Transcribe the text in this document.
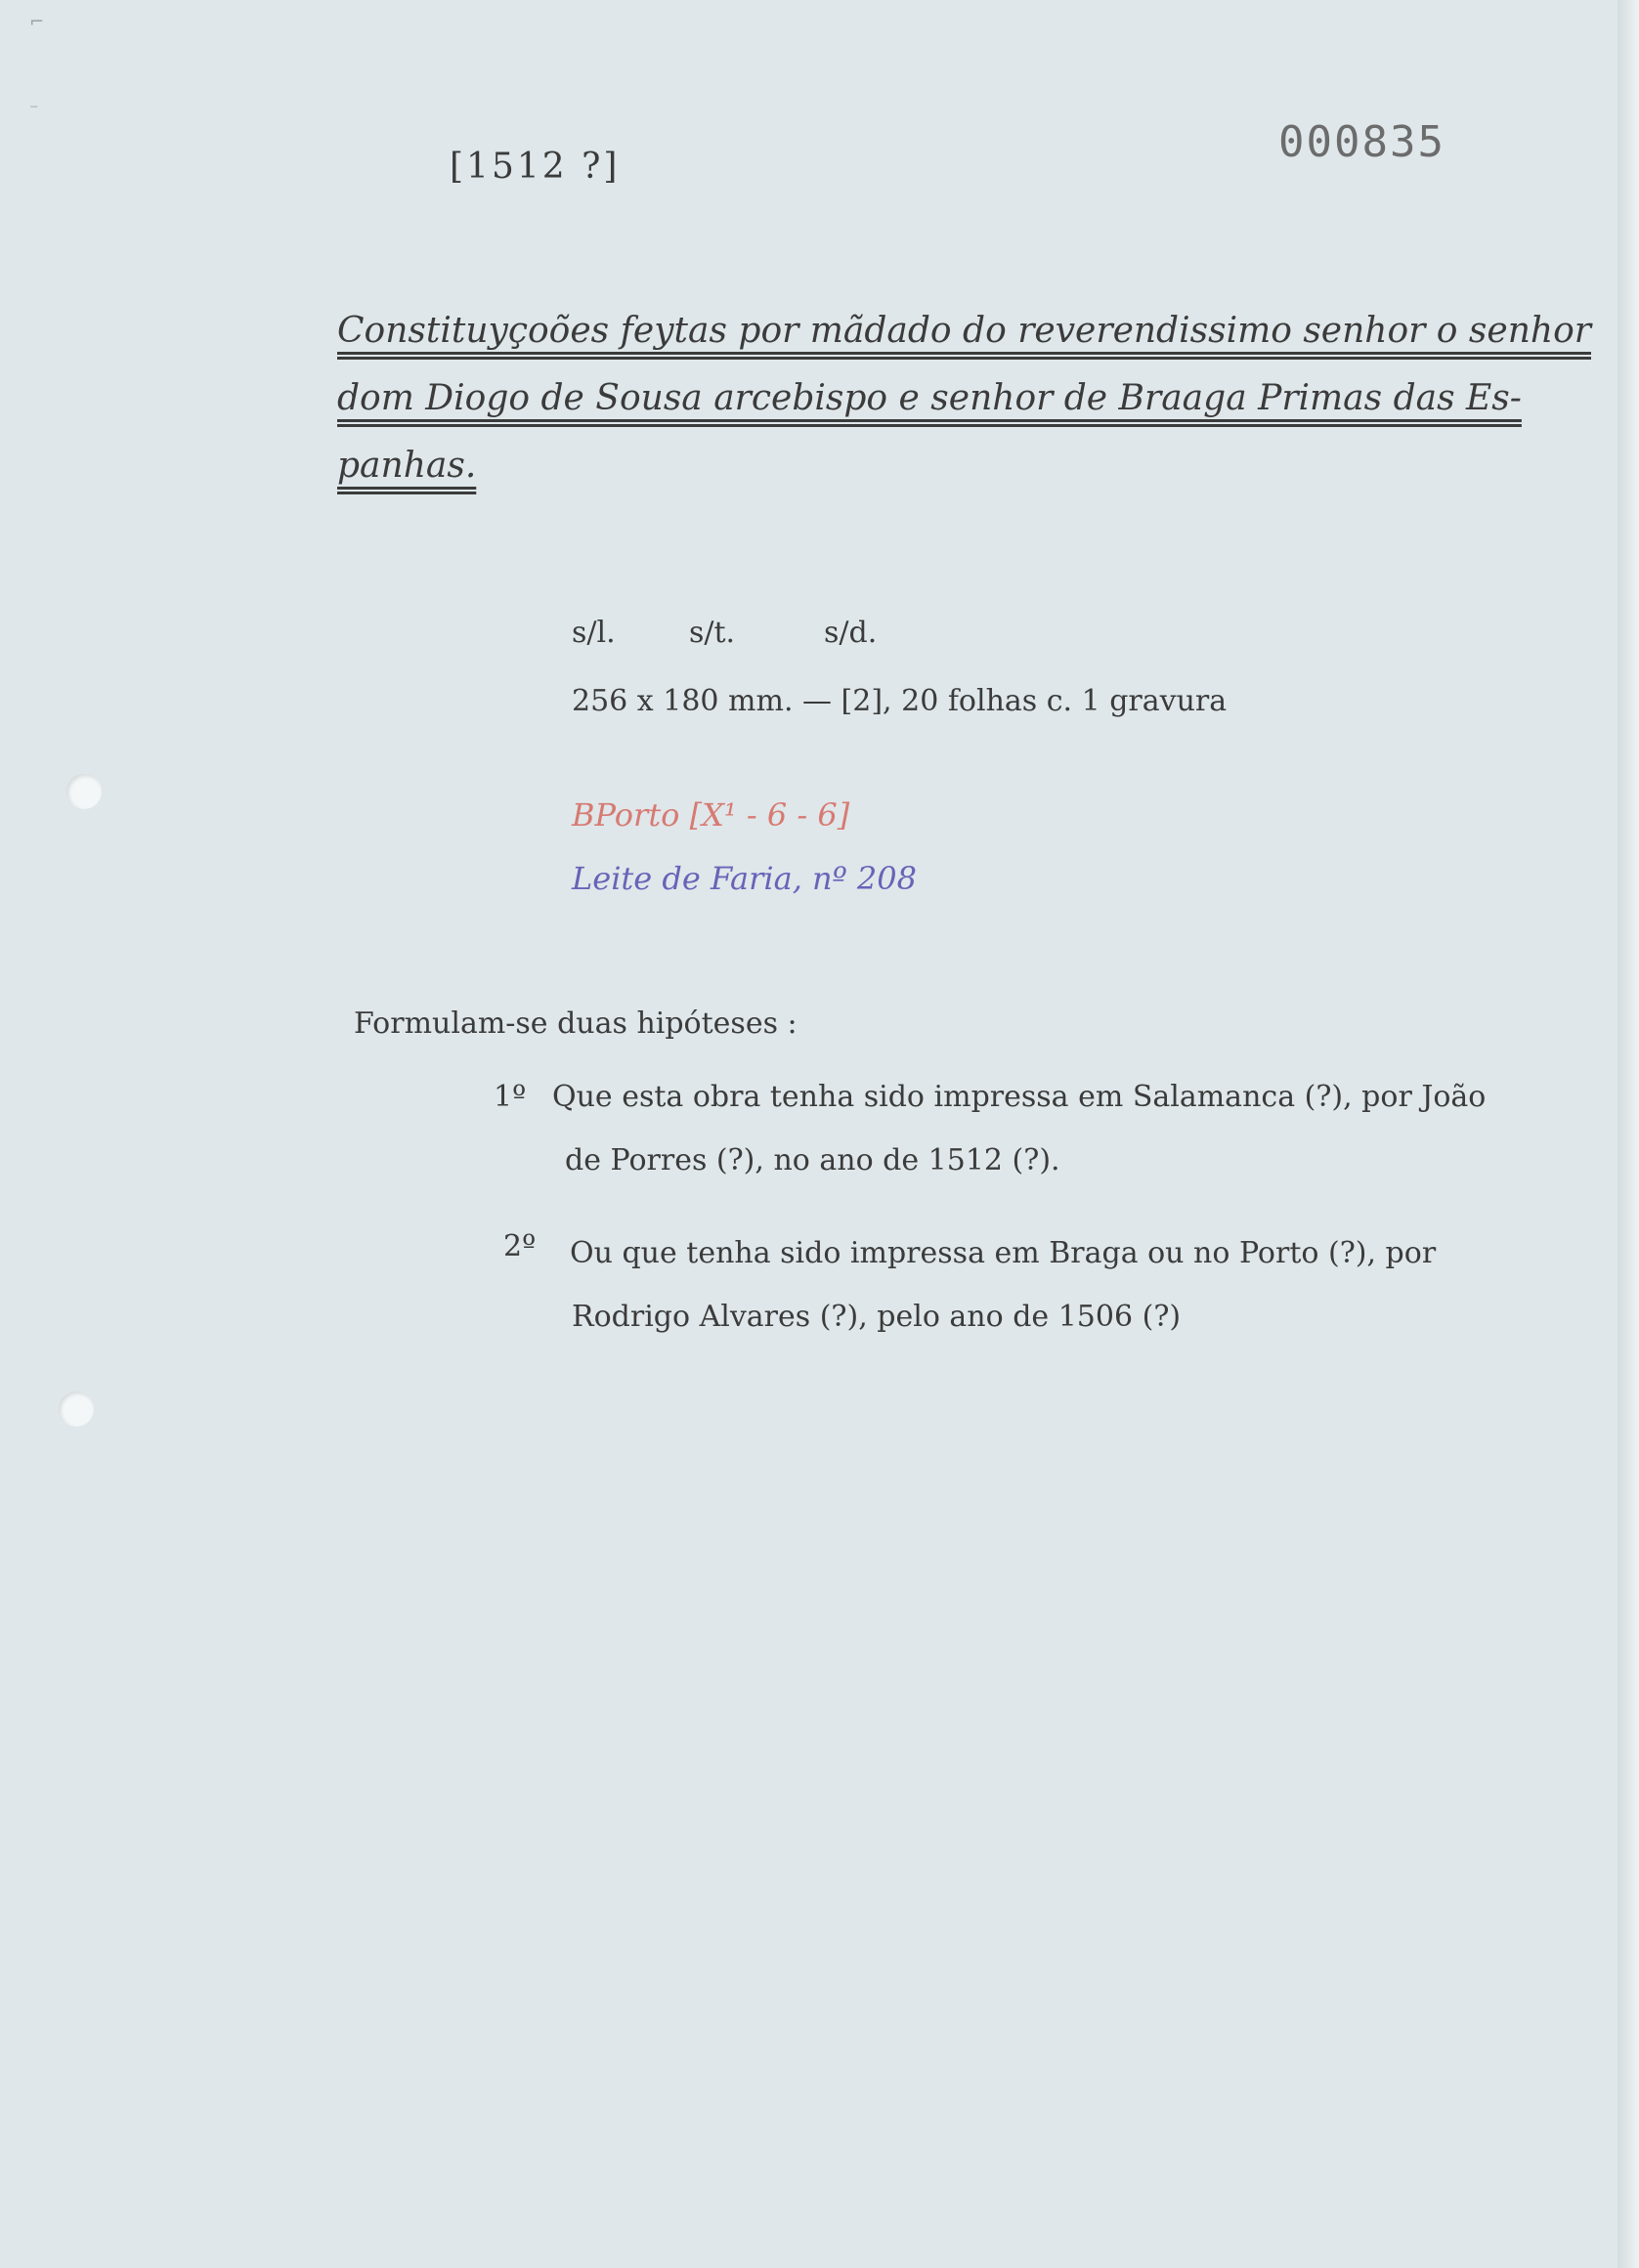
⌐
⁻
000835
[1512 ?]
Constituyçoões feytas por mãdado do reverendissimo senhor o senhor
dom Diogo de Sousa arcebispo e senhor de Braaga Primas das Es-
panhas.
s/l.	s/t.	s/d.
256 x 180 mm. — [2], 20 folhas c. 1 gravura
BPorto [X¹ - 6 - 6]
Leite de Faria, nº 208
Formulam-se duas hipóteses :
1º Que esta obra tenha sido impressa em Salamanca (?), por João
de Porres (?), no ano de 1512 (?).
2º Ou que tenha sido impressa em Braga ou no Porto (?), por
Rodrigo Alvares (?), pelo ano de 1506 (?)
